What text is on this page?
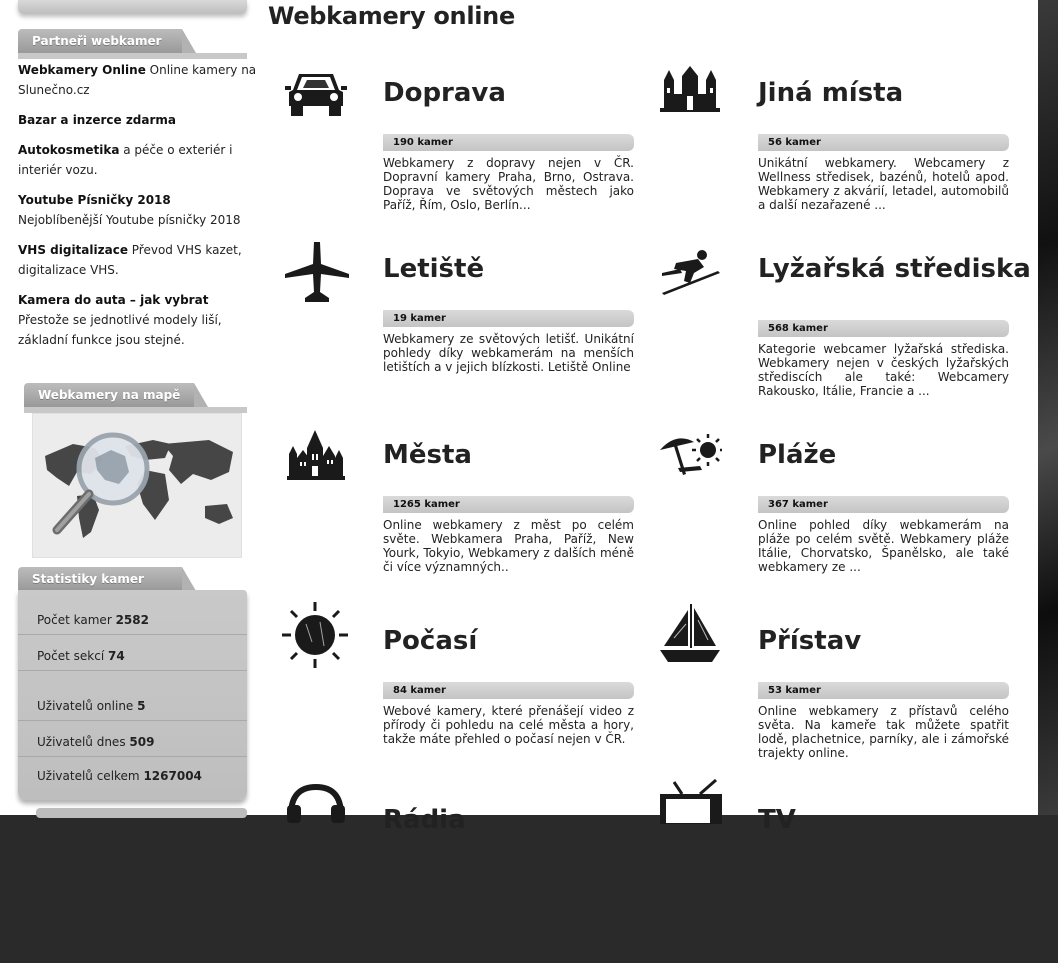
Partneři webkamer
Webkamery Online Online kamery na Slunečno.cz
Bazar a inzerce zdarma
Autokosmetika a péče o exteriér i interiér vozu.
Youtube Písničky 2018 Nejoblíbenější Youtube písničky 2018
VHS digitalizace Převod VHS kazet, digitalizace VHS.
Kamera do auta – jak vybrat Přestože se jednotlivé modely liší, základní funkce jsou stejné.
Webkamery na mapě
Statistiky kamer
Počet kamer 2582
Počet sekcí 74
Uživatelů online 5
Uživatelů dnes 509
Uživatelů celkem 1267004
Webkamery online
Doprava
190 kamer
Webkamery z dopravy nejen v ČR. Dopravní kamery Praha, Brno, Ostrava. Doprava ve světových městech jako Paříž, Řím, Oslo, Berlín...
Jiná místa
56 kamer
Unikátní webkamery. Webcamery z Wellness středisek, bazénů, hotelů apod. Webkamery z akvárií, letadel, automobilů a další nezařazené ...
Letiště
19 kamer
Webkamery ze světových letišť. Unikátní pohledy díky webkamerám na menších letištích a v jejich blízkosti. Letiště Online
Lyžařská střediska
568 kamer
Kategorie webcamer lyžařská střediska. Webkamery nejen v českých lyžařských střediscích ale také: Webcamery Rakousko, Itálie, Francie a ...
Města
1265 kamer
Online webkamery z měst po celém světe. Webkamera Praha, Paříž, New Yourk, Tokyio, Webkamery z dalších méně či více významných..
Pláže
367 kamer
Online pohled díky webkamerám na pláže po celém světě. Webkamery pláže Itálie, Chorvatsko, Španělsko, ale také webkamery ze ...
Počasí
84 kamer
Webové kamery, které přenášejí video z přírody či pohledu na celé města a hory, takže máte přehled o počasí nejen v ČR.
Přístav
53 kamer
Online webkamery z přístavů celého světa. Na kameře tak můžete spatřit lodě, plachetnice, parníky, ale i zámořské trajekty online.
Rádia	TV
